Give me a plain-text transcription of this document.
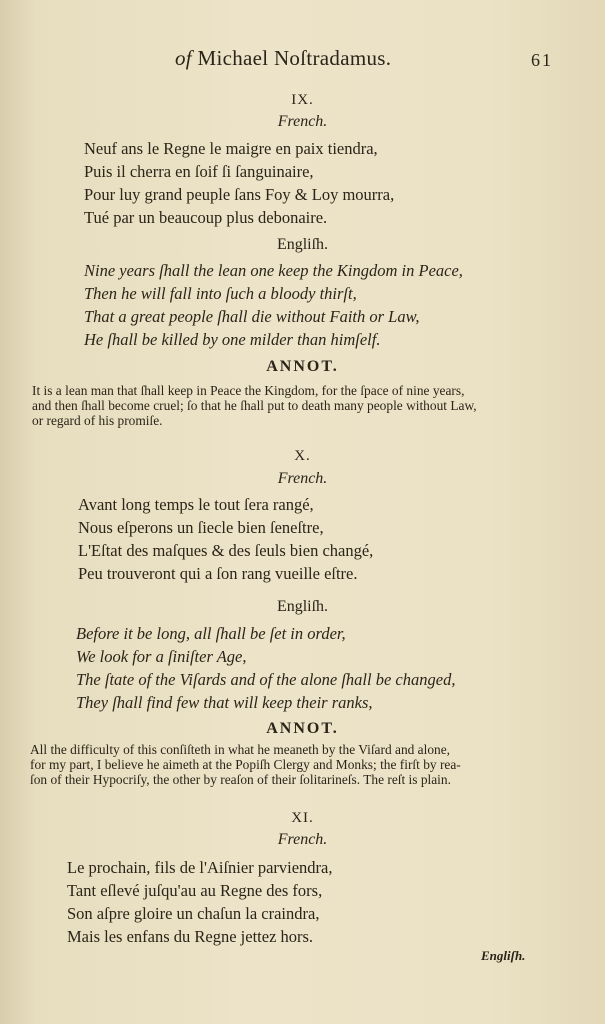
of Michael Noſtradamus.	61
IX.
French.
Neuf ans le Regne le maigre en paix tiendra,
Puis il cherra en ſoif ſi ſanguinaire,
Pour luy grand peuple ſans Foy & Loy mourra,
Tué par un beaucoup plus debonaire.
Engliſh.
Nine years ſhall the lean one keep the Kingdom in Peace,
Then he will fall into ſuch a bloody thirſt,
That a great people ſhall die without Faith or Law,
He ſhall be killed by one milder than himſelf.
ANNOT.
It is a lean man that ſhall keep in Peace the Kingdom, for the ſpace of nine years,
and then ſhall become cruel; ſo that he ſhall put to death many people without Law,
or regard of his promiſe.
X.
French.
Avant long temps le tout ſera rangé,
Nous eſperons un ſiecle bien ſeneſtre,
L'Eſtat des maſques & des ſeuls bien changé,
Peu trouveront qui a ſon rang vueille eſtre.
Engliſh.
Before it be long, all ſhall be ſet in order,
We look for a ſiniſter Age,
The ſtate of the Viſards and of the alone ſhall be changed,
They ſhall find few that will keep their ranks,
ANNOT.
All the difficulty of this conſiſteth in what he meaneth by the Viſard and alone,
for my part, I believe he aimeth at the Popiſh Clergy and Monks; the firſt by rea-
ſon of their Hypocriſy, the other by reaſon of their ſolitarineſs. The reſt is plain.
XI.
French.
Le prochain, fils de l'Aiſnier parviendra,
Tant eſlevé juſqu'au au Regne des fors,
Son aſpre gloire un chaſun la craindra,
Mais les enfans du Regne jettez hors.
Engliſh.
